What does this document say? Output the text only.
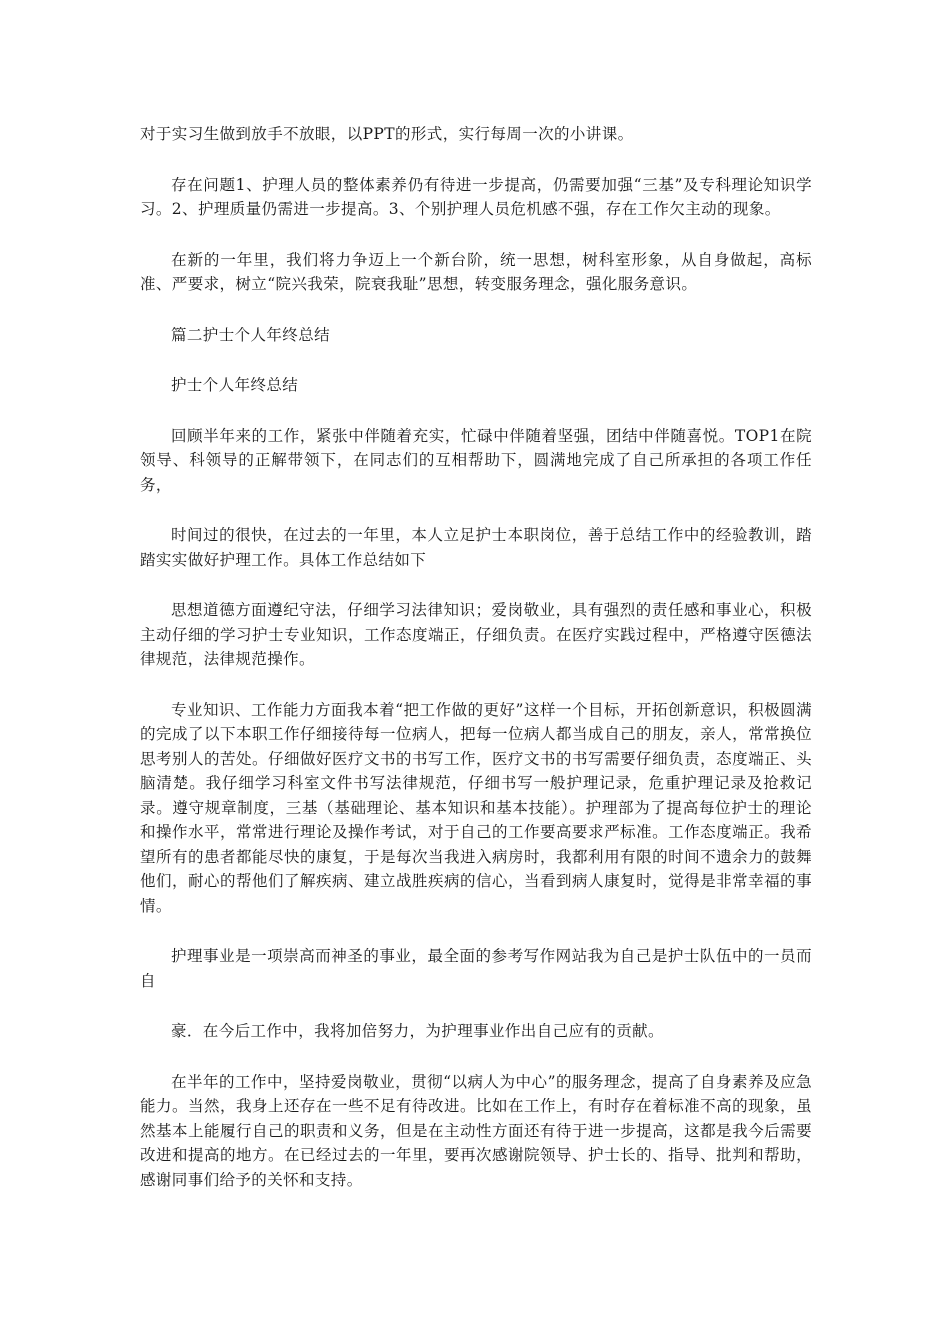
对于实习生做到放手不放眼，以PPT的形式，实行每周一次的小讲课。

存在问题1、护理人员的整体素养仍有待进一步提高，仍需要加强“三基”及专科理论知识学习。2、护理质量仍需进一步提高。3、个别护理人员危机感不强，存在工作欠主动的现象。

在新的一年里，我们将力争迈上一个新台阶，统一思想，树科室形象，从自身做起，高标准、严要求，树立“院兴我荣，院衰我耻”思想，转变服务理念，强化服务意识。

篇二护士个人年终总结

护士个人年终总结

回顾半年来的工作，紧张中伴随着充实，忙碌中伴随着坚强，团结中伴随喜悦。TOP1在院领导、科领导的正解带领下，在同志们的互相帮助下，圆满地完成了自己所承担的各项工作任务，

时间过的很快，在过去的一年里，本人立足护士本职岗位，善于总结工作中的经验教训，踏踏实实做好护理工作。具体工作总结如下

思想道德方面遵纪守法，仔细学习法律知识；爱岗敬业，具有强烈的责任感和事业心，积极主动仔细的学习护士专业知识，工作态度端正，仔细负责。在医疗实践过程中，严格遵守医德法律规范，法律规范操作。

专业知识、工作能力方面我本着“把工作做的更好”这样一个目标，开拓创新意识，积极圆满的完成了以下本职工作仔细接待每一位病人，把每一位病人都当成自己的朋友，亲人，常常换位思考别人的苦处。仔细做好医疗文书的书写工作，医疗文书的书写需要仔细负责，态度端正、头脑清楚。我仔细学习科室文件书写法律规范，仔细书写一般护理记录，危重护理记录及抢救记录。遵守规章制度，三基（基础理论、基本知识和基本技能）。护理部为了提高每位护士的理论和操作水平，常常进行理论及操作考试，对于自己的工作要高要求严标准。工作态度端正。我希望所有的患者都能尽快的康复，于是每次当我进入病房时，我都利用有限的时间不遗余力的鼓舞他们，耐心的帮他们了解疾病、建立战胜疾病的信心，当看到病人康复时，觉得是非常幸福的事情。

护理事业是一项崇高而神圣的事业，最全面的参考写作网站我为自己是护士队伍中的一员而自

豪．在今后工作中，我将加倍努力，为护理事业作出自己应有的贡献。

在半年的工作中，坚持爱岗敬业，贯彻“以病人为中心”的服务理念，提高了自身素养及应急能力。当然，我身上还存在一些不足有待改进。比如在工作上，有时存在着标准不高的现象，虽然基本上能履行自己的职责和义务，但是在主动性方面还有待于进一步提高，这都是我今后需要改进和提高的地方。在已经过去的一年里，要再次感谢院领导、护士长的、指导、批判和帮助，感谢同事们给予的关怀和支持。
